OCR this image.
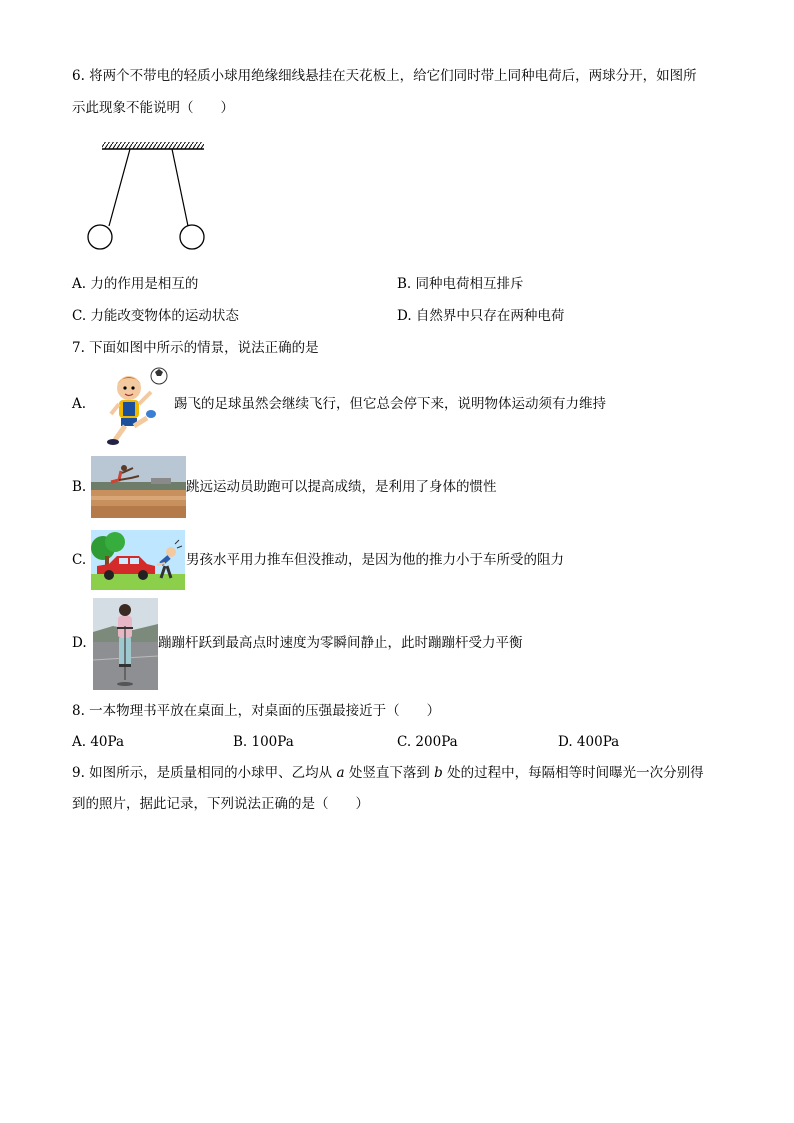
6. 将两个不带电的轻质小球用绝缘细线悬挂在天花板上，给它们同时带上同种电荷后，两球分开，如图所
示此现象不能说明（　　）
A. 力的作用是相互的	B. 同种电荷相互排斥
C. 力能改变物体的运动状态	D. 自然界中只存在两种电荷
7. 下面如图中所示的情景，说法正确的是
A.	踢飞的足球虽然会继续飞行，但它总会停下来，说明物体运动须有力维持
B.	跳远运动员助跑可以提高成绩，是利用了身体的惯性
C.	男孩水平用力推车但没推动，是因为他的推力小于车所受的阻力
D.	蹦蹦杆跃到最高点时速度为零瞬间静止，此时蹦蹦杆受力平衡
8. 一本物理书平放在桌面上，对桌面的压强最接近于（　　）
A. 40Pa	B. 100Pa	C. 200Pa	D. 400Pa
9. 如图所示，是质量相同的小球甲、乙均从 a 处竖直下落到 b 处的过程中，每隔相等时间曝光一次分别得
到的照片，据此记录，下列说法正确的是（　　）
